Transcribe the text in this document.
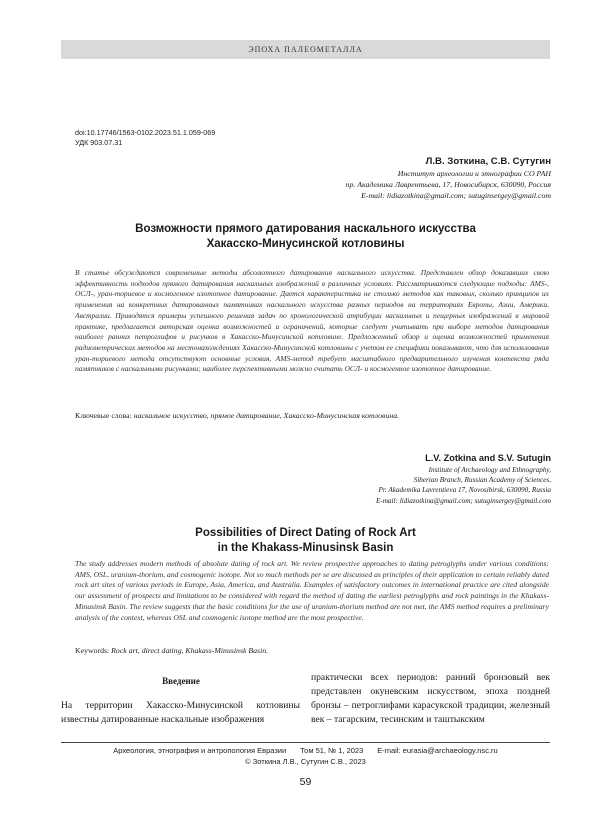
ЭПОХА ПАЛЕОМЕТАЛЛА
doi:10.17746/1563-0102.2023.51.1.059-069
УДК 903.07.31
Л.В. Зоткина, С.В. Сутугин
Институт археологии и этнографии СО РАН
пр. Академика Лаврентьева, 17, Новосибирск, 630090, Россия
E-mail: lidiazotkina@gmail.com; sutuginsergey@gmail.com
Возможности прямого датирования наскального искусства
Хакасско-Минусинской котловины
В статье обсуждаются современные методы абсолютного датирования наскального искусства. Представлен обзор доказавших свою эффективность подходов прямого датирования наскальных изображений в различных условиях. Рассматриваются следующие подходы: AMS-, ОСЛ-, уран-ториевое и космогенное изотопное датирование. Дается характеристика не столько методов как таковых, сколько принципов их применения на конкретных датированных памятниках наскального искусства разных периодов на территориях Европы, Азии, Америки, Австралии. Приводятся примеры успешного решения задач по хронологической атрибуции наскальных и пещерных изображений в мировой практике, предлагается авторская оценка возможностей и ограничений, которые следует учитывать при выборе методов датирования наиболее ранних петроглифов и рисунков в Хакасско-Минусинской котловине. Предложенный обзор и оценка возможностей применения радиометрических методов на местонахождениях Хакасско-Минусинской котловины с учетом ее специфики показывают, что для использования уран-ториевого метода отсутствуют основные условия, AMS-метод требует масштабного предварительного изучения контекста ряда памятников с наскальными рисунками; наиболее перспективными можно считать ОСЛ- и космогенное изотопное датирование.
Ключевые слова: наскальное искусство, прямое датирование, Хакасско-Минусинская котловина.
L.V. Zotkina and S.V. Sutugin
Institute of Archaeology and Ethnography,
Siberian Branch, Russian Academy of Sciences,
Pr. Akademika Lavrentieva 17, Novosibirsk, 630090, Russia
E-mail: lidiazotkina@gmail.com; sutuginsergey@gmail.com
Possibilities of Direct Dating of Rock Art
in the Khakass-Minusinsk Basin
The study addresses modern methods of absolute dating of rock art. We review prospective approaches to dating petroglyphs under various conditions: AMS, OSL, uranium-thorium, and cosmogenic isotope. Not so much methods per se are discussed as principles of their application to certain reliably dated rock art sites of various periods in Europe, Asia, America, and Australia. Examples of satisfactory outcomes in international practice are cited alongside our assessment of prospects and limitations to be considered with regard the method of dating the earliest petroglyphs and rock paintings in the Khakass-Minusinsk Basin. The review suggests that the basic conditions for the use of uranium-thorium method are not met, the AMS method requires a preliminary analysis of the context, whereas OSL and cosmogenic isotope method are the most prospective.
Keywords: Rock art, direct dating, Khakass-Minusinsk Basin.
Введение

На территории Хакасско-Минусинской котловины известны датированные наскальные изображения

практически всех периодов: ранний бронзовый век представлен окуневским искусством, эпоха поздней бронзы – петроглифами карасукской традиции, железный век – тагарским, тесинским и таштыкским

Археология, этнография и антропология Евразии Том 51, № 1, 2023 E-mail: eurasia@archaeology.nsc.ru
© Зоткина Л.В., Сутугин С.В., 2023
59
